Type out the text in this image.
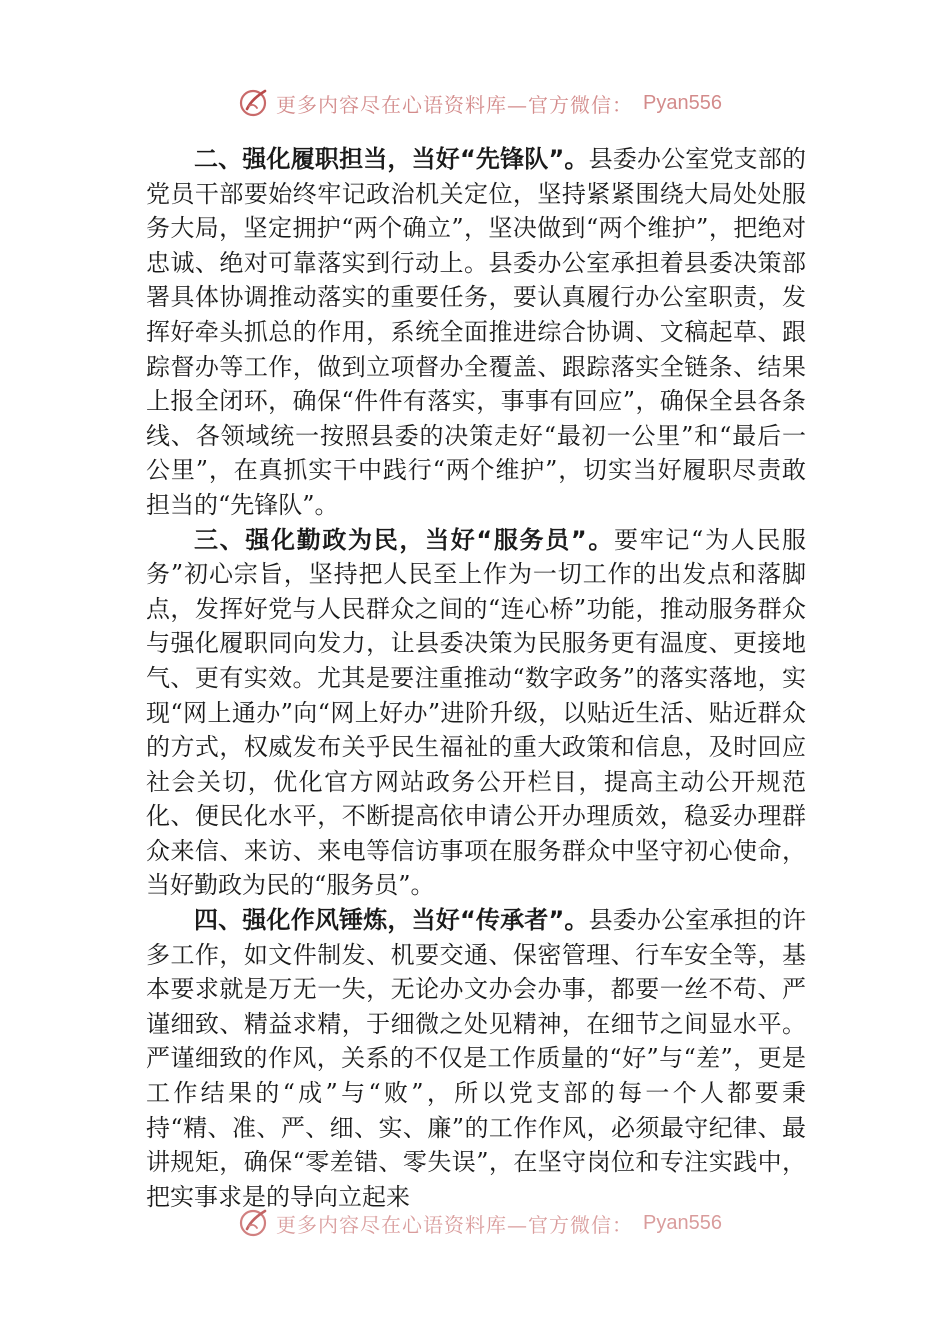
更多内容尽在心语资料库—官方微信： Pyan556

二、强化履职担当，当好“先锋队”。县委办公室党支部的党员干部要始终牢记政治机关定位，坚持紧紧围绕大局处处服务大局，坚定拥护“两个确立”，坚决做到“两个维护”，把绝对忠诚、绝对可靠落实到行动上。县委办公室承担着县委决策部署具体协调推动落实的重要任务，要认真履行办公室职责，发挥好牵头抓总的作用，系统全面推进综合协调、文稿起草、跟踪督办等工作，做到立项督办全覆盖、跟踪落实全链条、结果上报全闭环，确保“件件有落实，事事有回应”，确保全县各条线、各领域统一按照县委的决策走好“最初一公里”和“最后一公里”，在真抓实干中践行“两个维护”，切实当好履职尽责敢担当的“先锋队”。

三、强化勤政为民，当好“服务员”。要牢记“为人民服务”初心宗旨，坚持把人民至上作为一切工作的出发点和落脚点，发挥好党与人民群众之间的“连心桥”功能，推动服务群众与强化履职同向发力，让县委决策为民服务更有温度、更接地气、更有实效。尤其是要注重推动“数字政务”的落实落地，实现“网上通办”向“网上好办”进阶升级，以贴近生活、贴近群众的方式，权威发布关乎民生福祉的重大政策和信息，及时回应社会关切，优化官方网站政务公开栏目，提高主动公开规范化、便民化水平，不断提高依申请公开办理质效，稳妥办理群众来信、来访、来电等信访事项在服务群众中坚守初心使命，当好勤政为民的“服务员”。

四、强化作风锤炼，当好“传承者”。县委办公室承担的许多工作，如文件制发、机要交通、保密管理、行车安全等，基本要求就是万无一失，无论办文办会办事，都要一丝不苟、严谨细致、精益求精，于细微之处见精神，在细节之间显水平。严谨细致的作风，关系的不仅是工作质量的“好”与“差”，更是工作结果的“成”与“败”，所以党支部的每一个人都要秉持“精、准、严、细、实、廉”的工作作风，必须最守纪律、最讲规矩，确保“零差错、零失误”，在坚守岗位和专注实践中，把实事求是的导向立起来

更多内容尽在心语资料库—官方微信： Pyan556
